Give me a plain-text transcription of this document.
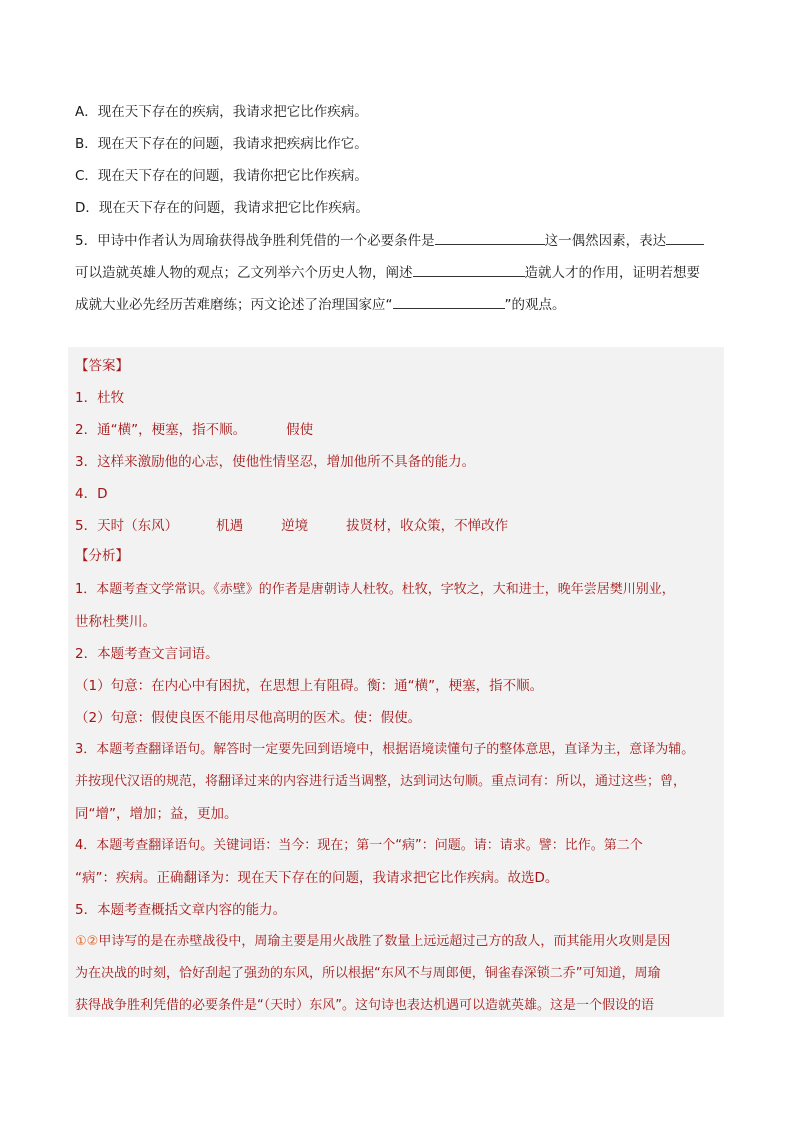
A．现在天下存在的疾病，我请求把它比作疾病。
B．现在天下存在的问题，我请求把疾病比作它。
C．现在天下存在的问题，我请你把它比作疾病。
D．现在天下存在的问题，我请求把它比作疾病。
5．甲诗中作者认为周瑜获得战争胜利凭借的一个必要条件是	这一偶然因素，表达
可以造就英雄人物的观点；乙文列举六个历史人物，阐述	造就人才的作用，证明若想要
成就大业必先经历苦难磨练；丙文论述了治理国家应“	”的观点。
【答案】
1．杜牧
2．通“横”，梗塞，指不顺。	假使
3．这样来激励他的心志，使他性情坚忍，增加他所不具备的能力。
4．D
5．天时（东风）	机遇	逆境	拔贤材，收众策，不惮改作
【分析】
1．本题考查文学常识。《赤壁》的作者是唐朝诗人杜牧。杜牧，字牧之，大和进士，晚年尝居樊川别业，
世称杜樊川。
2．本题考查文言词语。
（1）句意：在内心中有困扰，在思想上有阻碍。衡：通“横”，梗塞，指不顺。
（2）句意：假使良医不能用尽他高明的医术。使：假使。
3．本题考查翻译语句。解答时一定要先回到语境中，根据语境读懂句子的整体意思，直译为主，意译为辅。
并按现代汉语的规范，将翻译过来的内容进行适当调整，达到词达句顺。重点词有：所以，通过这些；曾，
同“增”，增加；益，更加。
4．本题考查翻译语句。关键词语：当今：现在；第一个“病”：问题。请：请求。譬：比作。第二个
“病”：疾病。正确翻译为：现在天下存在的问题，我请求把它比作疾病。故选D。
5．本题考查概括文章内容的能力。
①②甲诗写的是在赤壁战役中，周瑜主要是用火战胜了数量上远远超过己方的敌人，而其能用火攻则是因
为在决战的时刻，恰好刮起了强劲的东风，所以根据“东风不与周郎便，铜雀春深锁二乔”可知道，周瑜
获得战争胜利凭借的必要条件是“（天时）东风”。这句诗也表达机遇可以造就英雄。这是一个假设的语
